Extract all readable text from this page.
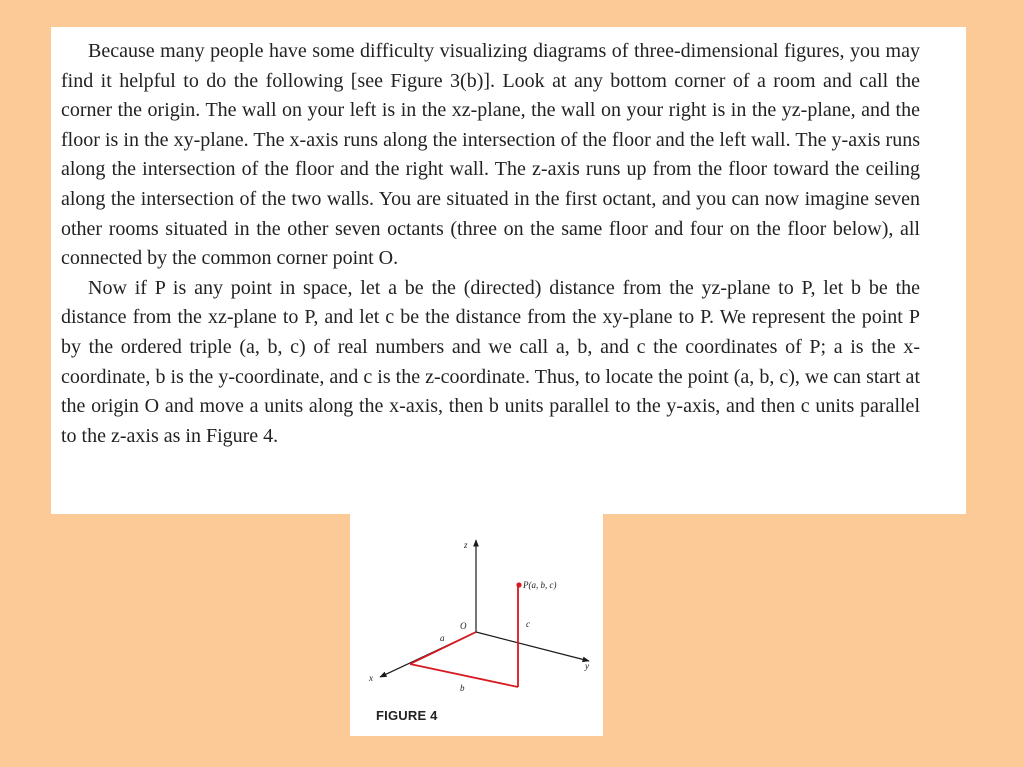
Because many people have some difficulty visualizing diagrams of three-dimensional figures, you may find it helpful to do the following [see Figure 3(b)]. Look at any bottom corner of a room and call the corner the origin. The wall on your left is in the xz-plane, the wall on your right is in the yz-plane, and the floor is in the xy-plane. The x-axis runs along the intersection of the floor and the left wall. The y-axis runs along the intersection of the floor and the right wall. The z-axis runs up from the floor toward the ceiling along the intersection of the two walls. You are situated in the first octant, and you can now imagine seven other rooms situated in the other seven octants (three on the same floor and four on the floor below), all connected by the common corner point O.

Now if P is any point in space, let a be the (directed) distance from the yz-plane to P, let b be the distance from the xz-plane to P, and let c be the distance from the xy-plane to P. We represent the point P by the ordered triple (a, b, c) of real numbers and we call a, b, and c the coordinates of P; a is the x-coordinate, b is the y-coordinate, and c is the z-coordinate. Thus, to locate the point (a, b, c), we can start at the origin O and move a units along the x-axis, then b units parallel to the y-axis, and then c units parallel to the z-axis as in Figure 4.

z
y
x
O
a
b
c
P(a, b, c)
FIGURE 4
